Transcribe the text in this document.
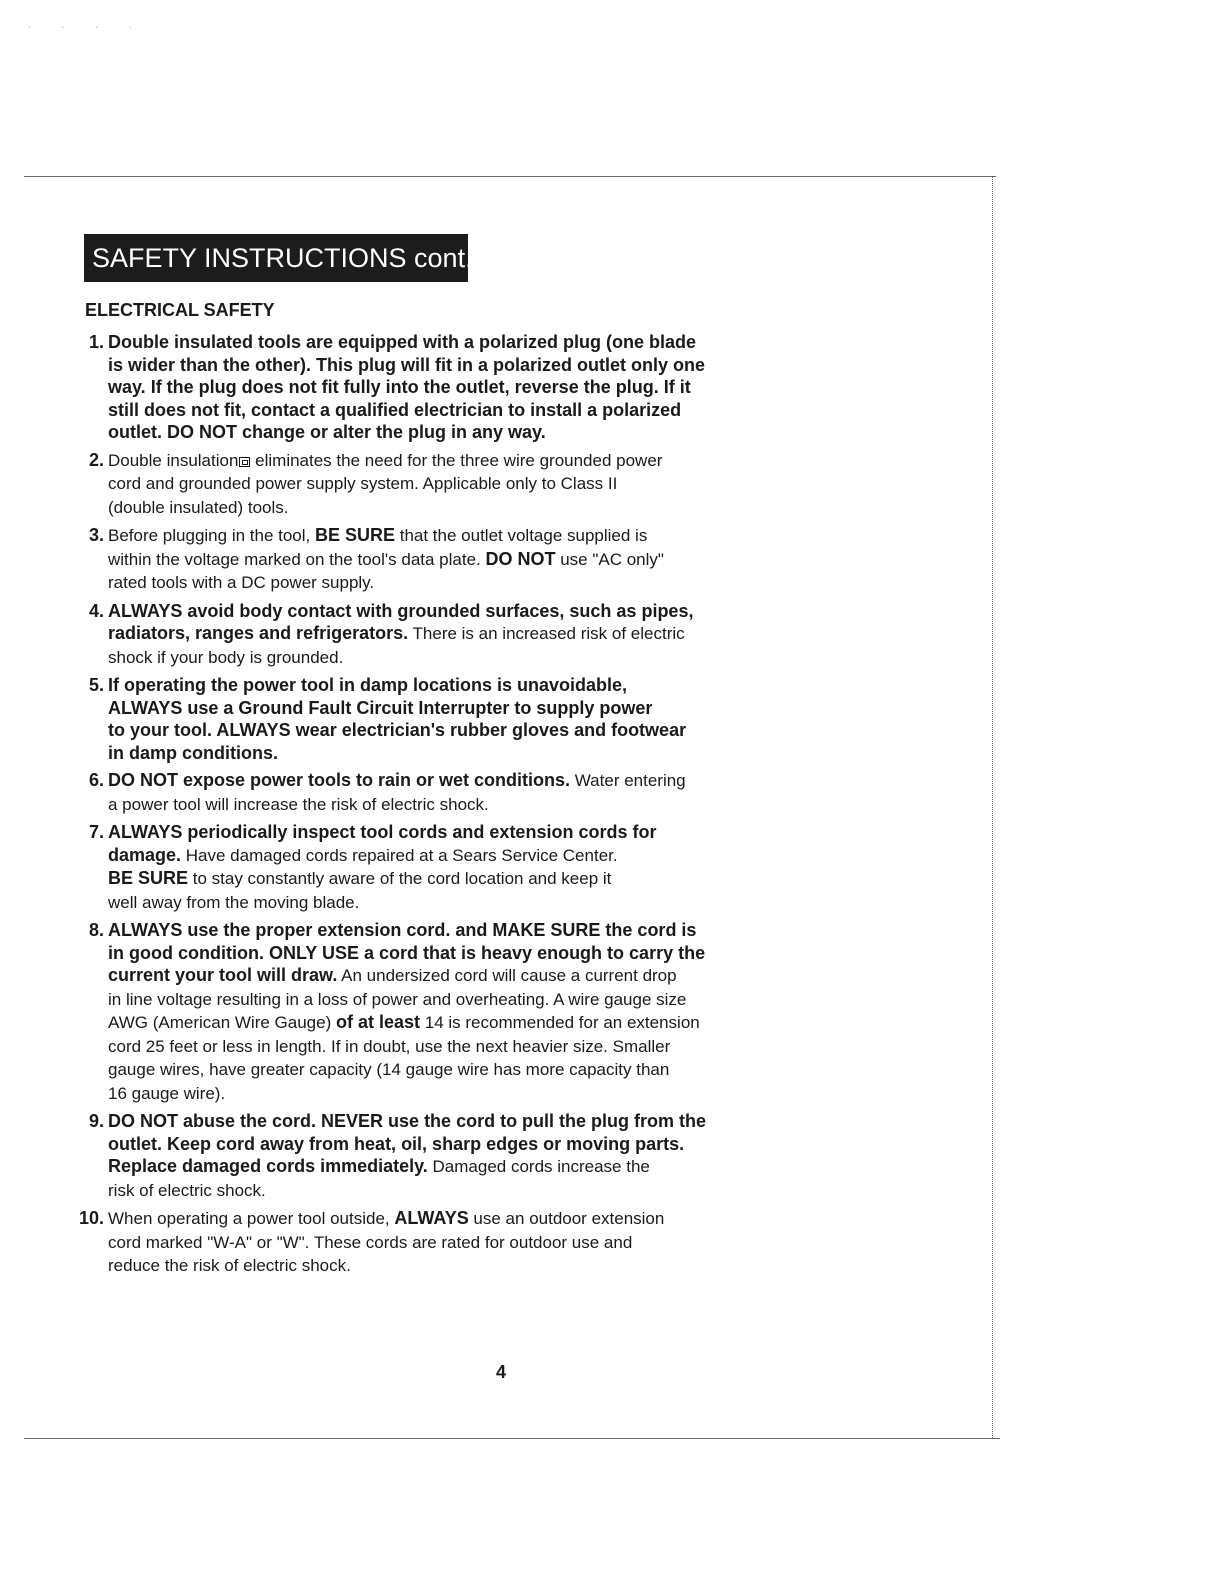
. . . .
SAFETY INSTRUCTIONS cont.
ELECTRICAL SAFETY
1. Double insulated tools are equipped with a polarized plug (one blade
is wider than the other). This plug will fit in a polarized outlet only one
way. If the plug does not fit fully into the outlet, reverse the plug. If it
still does not fit, contact a qualified electrician to install a polarized
outlet. DO NOT change or alter the plug in any way.
2. Double insulation eliminates the need for the three wire grounded power
cord and grounded power supply system. Applicable only to Class II
(double insulated) tools.
3. Before plugging in the tool, BE SURE that the outlet voltage supplied is
within the voltage marked on the tool's data plate. DO NOT use "AC only"
rated tools with a DC power supply.
4. ALWAYS avoid body contact with grounded surfaces, such as pipes,
radiators, ranges and refrigerators. There is an increased risk of electric
shock if your body is grounded.
5. If operating the power tool in damp locations is unavoidable,
ALWAYS use a Ground Fault Circuit Interrupter to supply power
to your tool. ALWAYS wear electrician's rubber gloves and footwear
in damp conditions.
6. DO NOT expose power tools to rain or wet conditions. Water entering
a power tool will increase the risk of electric shock.
7. ALWAYS periodically inspect tool cords and extension cords for
damage. Have damaged cords repaired at a Sears Service Center.
BE SURE to stay constantly aware of the cord location and keep it
well away from the moving blade.
8. ALWAYS use the proper extension cord. and MAKE SURE the cord is
in good condition. ONLY USE a cord that is heavy enough to carry the
current your tool will draw. An undersized cord will cause a current drop
in line voltage resulting in a loss of power and overheating. A wire gauge size
AWG (American Wire Gauge) of at least 14 is recommended for an extension
cord 25 feet or less in length. If in doubt, use the next heavier size. Smaller
gauge wires, have greater capacity (14 gauge wire has more capacity than
16 gauge wire).
9. DO NOT abuse the cord. NEVER use the cord to pull the plug from the
outlet. Keep cord away from heat, oil, sharp edges or moving parts.
Replace damaged cords immediately. Damaged cords increase the
risk of electric shock.
10. When operating a power tool outside, ALWAYS use an outdoor extension
cord marked "W-A" or "W". These cords are rated for outdoor use and
reduce the risk of electric shock.
4
